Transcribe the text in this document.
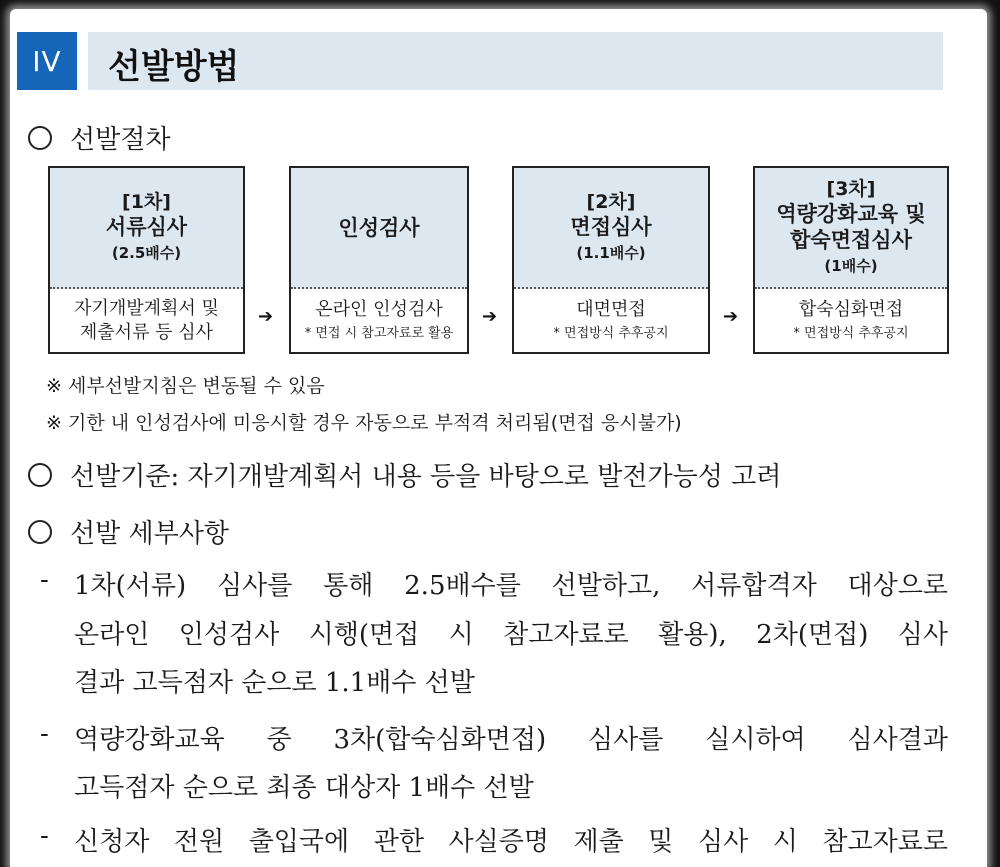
IV	선발방법
선발절차
[1차]
서류심사
(2.5배수)
자기개발계획서 및
제출서류 등 심사
➔
인성검사
온라인 인성검사
* 면접 시 참고자료로 활용
➔
[2차]
면접심사
(1.1배수)
대면면접
* 면접방식 추후공지
➔
[3차]
역량강화교육 및
합숙면접심사
(1배수)
합숙심화면접
* 면접방식 추후공지
※ 세부선발지침은 변동될 수 있음
※ 기한 내 인성검사에 미응시할 경우 자동으로 부적격 처리됨(면접 응시불가)
선발기준: 자기개발계획서 내용 등을 바탕으로 발전가능성 고려
선발 세부사항
- 1차(서류) 심사를 통해 2.5배수를 선발하고, 서류합격자 대상으로
온라인 인성검사 시행(면접 시 참고자료로 활용), 2차(면접) 심사
결과 고득점자 순으로 1.1배수 선발
- 역량강화교육 중 3차(합숙심화면접) 심사를 실시하여 심사결과
고득점자 순으로 최종 대상자 1배수 선발
- 신청자 전원 출입국에 관한 사실증명 제출 및 심사 시 참고자료로
